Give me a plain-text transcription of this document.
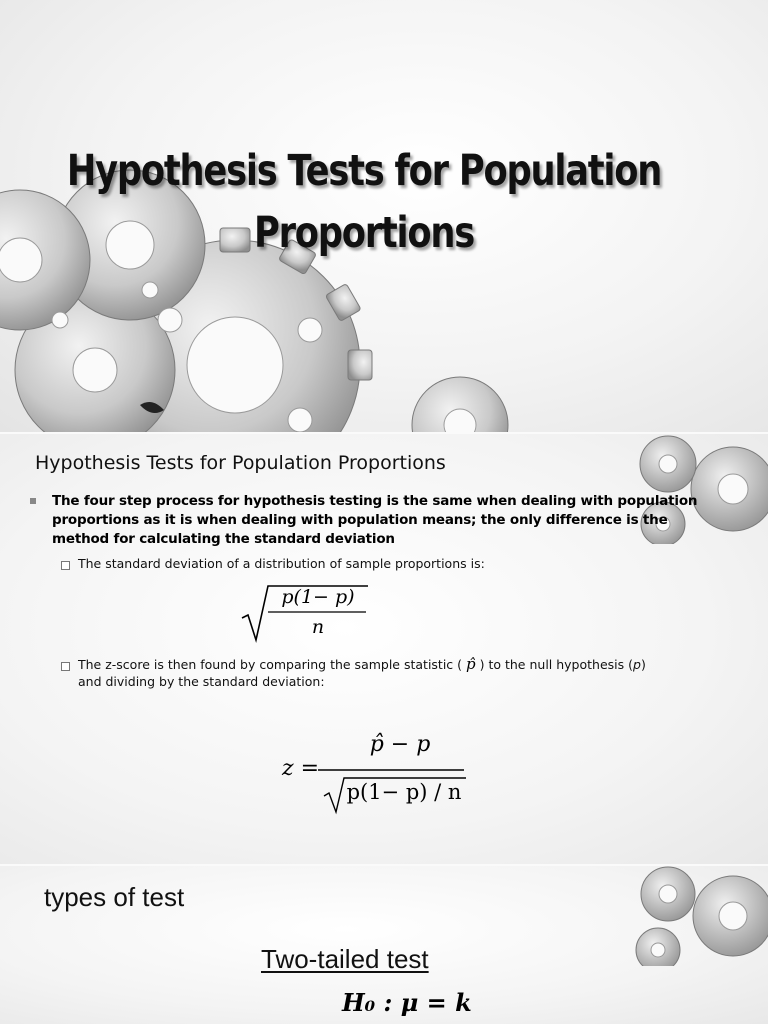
Hypothesis Tests for Population Proportions
Hypothesis Tests for Population Proportions
The four step process for hypothesis testing is the same when dealing with population proportions as it is when dealing with population means; the only difference is the method for calculating the standard deviation
The standard deviation of a distribution of sample proportions is:
p(1− p)
n
The z-score is then found by comparing the sample statistic ( p̂ ) to the null hypothesis (p)
and dividing by the standard deviation:
z =
p̂ − p
p(1− p) / n
types of test
Two-tailed test
H₀ : μ = k
